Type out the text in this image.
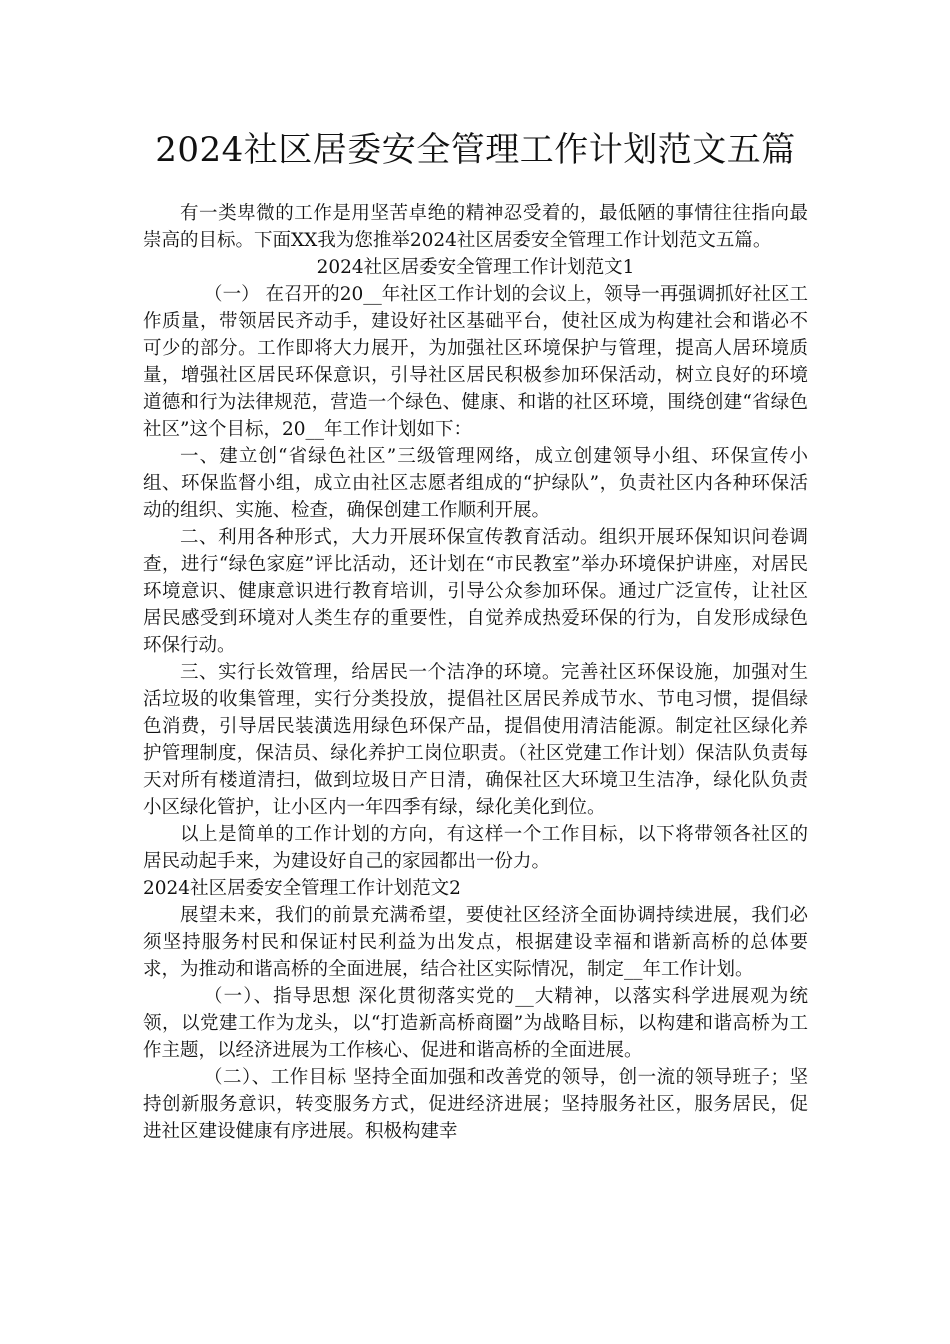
2024社区居委安全管理工作计划范文五篇

有一类卑微的工作是用坚苦卓绝的精神忍受着的，最低陋的事情往往指向最崇高的目标。下面XX我为您推举2024社区居委安全管理工作计划范文五篇。

2024社区居委安全管理工作计划范文1

（一） 在召开的20__年社区工作计划的会议上，领导一再强调抓好社区工作质量，带领居民齐动手，建设好社区基础平台，使社区成为构建社会和谐必不可少的部分。工作即将大力展开，为加强社区环境保护与管理，提高人居环境质量，增强社区居民环保意识，引导社区居民积极参加环保活动，树立良好的环境道德和行为法律规范，营造一个绿色、健康、和谐的社区环境，围绕创建“省绿色社区”这个目标，20__年工作计划如下：

一、建立创“省绿色社区”三级管理网络，成立创建领导小组、环保宣传小组、环保监督小组，成立由社区志愿者组成的“护绿队”，负责社区内各种环保活动的组织、实施、检查，确保创建工作顺利开展。

二、利用各种形式，大力开展环保宣传教育活动。组织开展环保知识问卷调查，进行“绿色家庭”评比活动，还计划在“市民教室”举办环境保护讲座，对居民环境意识、健康意识进行教育培训，引导公众参加环保。通过广泛宣传，让社区居民感受到环境对人类生存的重要性，自觉养成热爱环保的行为，自发形成绿色环保行动。

三、实行长效管理，给居民一个洁净的环境。完善社区环保设施，加强对生活垃圾的收集管理，实行分类投放，提倡社区居民养成节水、节电习惯，提倡绿色消费，引导居民装潢选用绿色环保产品，提倡使用清洁能源。制定社区绿化养护管理制度，保洁员、绿化养护工岗位职责。（社区党建工作计划）保洁队负责每天对所有楼道清扫，做到垃圾日产日清，确保社区大环境卫生洁净，绿化队负责小区绿化管护，让小区内一年四季有绿，绿化美化到位。

以上是简单的工作计划的方向，有这样一个工作目标，以下将带领各社区的居民动起手来，为建设好自己的家园都出一份力。

2024社区居委安全管理工作计划范文2

展望未来，我们的前景充满希望，要使社区经济全面协调持续进展，我们必须坚持服务村民和保证村民利益为出发点，根据建设幸福和谐新高桥的总体要求，为推动和谐高桥的全面进展，结合社区实际情况，制定__年工作计划。

（一）、指导思想 深化贯彻落实党的__大精神，以落实科学进展观为统领，以党建工作为龙头，以“打造新高桥商圈”为战略目标，以构建和谐高桥为工作主题，以经济进展为工作核心、促进和谐高桥的全面进展。

（二）、工作目标 坚持全面加强和改善党的领导，创一流的领导班子；坚持创新服务意识，转变服务方式，促进经济进展；坚持服务社区，服务居民，促进社区建设健康有序进展。积极构建幸
